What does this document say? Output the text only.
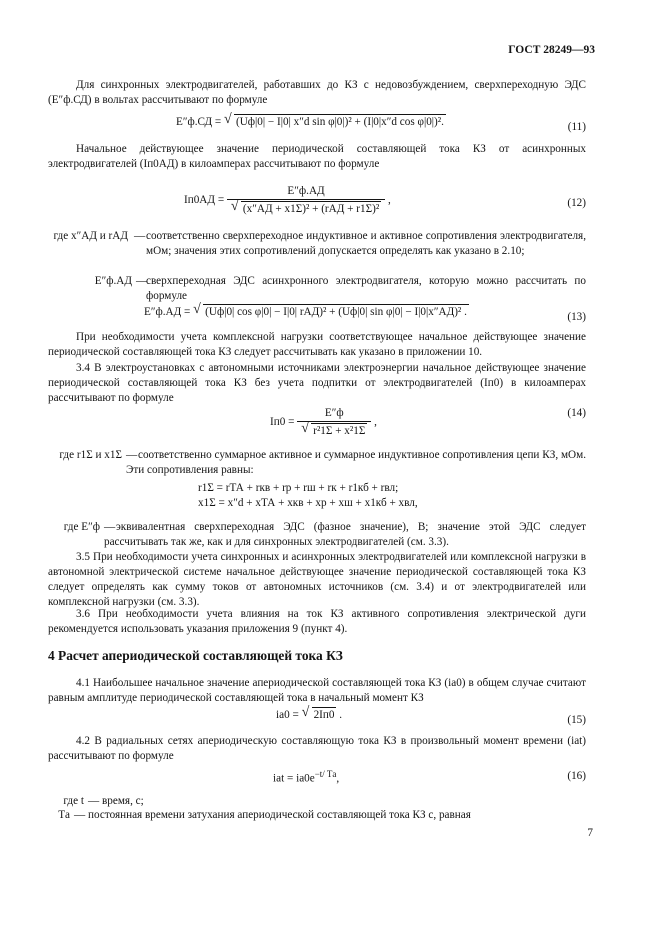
ГОСТ 28249—93

Для синхронных электродвигателей, работавших до КЗ с недовозбуждением, сверхпереходную ЭДС (E″ф.СД) в вольтах рассчитывают по формуле

E″ф.СД = √ (Uф|0| − I|0| x″d sin φ|0|)² + (I|0|x″d cos φ|0|)².	(11)

Начальное действующее значение периодической составляющей тока КЗ от асинхронных электродвигателей (Iп0АД) в килоамперах рассчитывают по формуле

Iп0АД = E″ф.АД
√ (x″АД + x1Σ)² + (rАД + r1Σ)² ,	(12)
где x″АД и rАД — соответственно сверхпереходное индуктивное и активное сопротивления электродвигателя, мОм; значения этих сопротивлений допускается определять как указано в 2.10;
E″ф.АД —
сверхпереходная ЭДС асинхронного электродвигателя, которую можно рассчитать по формуле
E″ф.АД = √ (Uф|0| cos φ|0| − I|0| rАД)² + (Uф|0| sin φ|0| − I|0|x″АД)² .	(13)

При необходимости учета комплексной нагрузки соответствующее начальное действующее значение периодической составляющей тока КЗ следует рассчитывать как указано в приложении 10.

3.4 В электроустановках с автономными источниками электроэнергии начальное действующее значение периодической составляющей тока КЗ без учета подпитки от электродвигателей (Iп0) в килоамперах рассчитывают по формуле

Iп0 = E″ф
√ r²1Σ + x²1Σ ,
(14)
где r1Σ и x1Σ — соответственно суммарное активное и суммарное индуктивное сопротивления цепи КЗ, мОм. Эти сопротивления равны:
r1Σ = rТА + rкв + rр + rш + rк + r1кб + rвл;
x1Σ = x″d + xТА + xкв + xр + xш + x1кб + xвл,
где E″ф — эквивалентная сверхпереходная ЭДС (фазное значение), В; значение этой ЭДС следует рассчитывать так же, как и для синхронных электродвигателей (см. 3.3).

3.5 При необходимости учета синхронных и асинхронных электродвигателей или комплексной нагрузки в автономной электрической системе начальное действующее значение периодической составляющей тока КЗ следует определять как сумму токов от автономных источников (см. 3.4) и от электродвигателей или комплексной нагрузки (см. 3.3).

3.6 При необходимости учета влияния на ток КЗ активного сопротивления электрической дуги рекомендуется использовать указания приложения 9 (пункт 4).

4 Расчет апериодической составляющей тока КЗ

4.1 Наибольшее начальное значение апериодической составляющей тока КЗ (iа0) в общем случае считают равным амплитуде периодической составляющей тока в начальный момент КЗ

iа0 = √ 2Iп0 .	(15)

4.2 В радиальных сетях апериодическую составляющую тока КЗ в произвольный момент времени (iаt) рассчитывают по формуле

iаt = $iа0e^{-t/ Tа}$,	(16)
где t — время, с;
Tа — постоянная времени затухания апериодической составляющей тока КЗ с, равная
7
